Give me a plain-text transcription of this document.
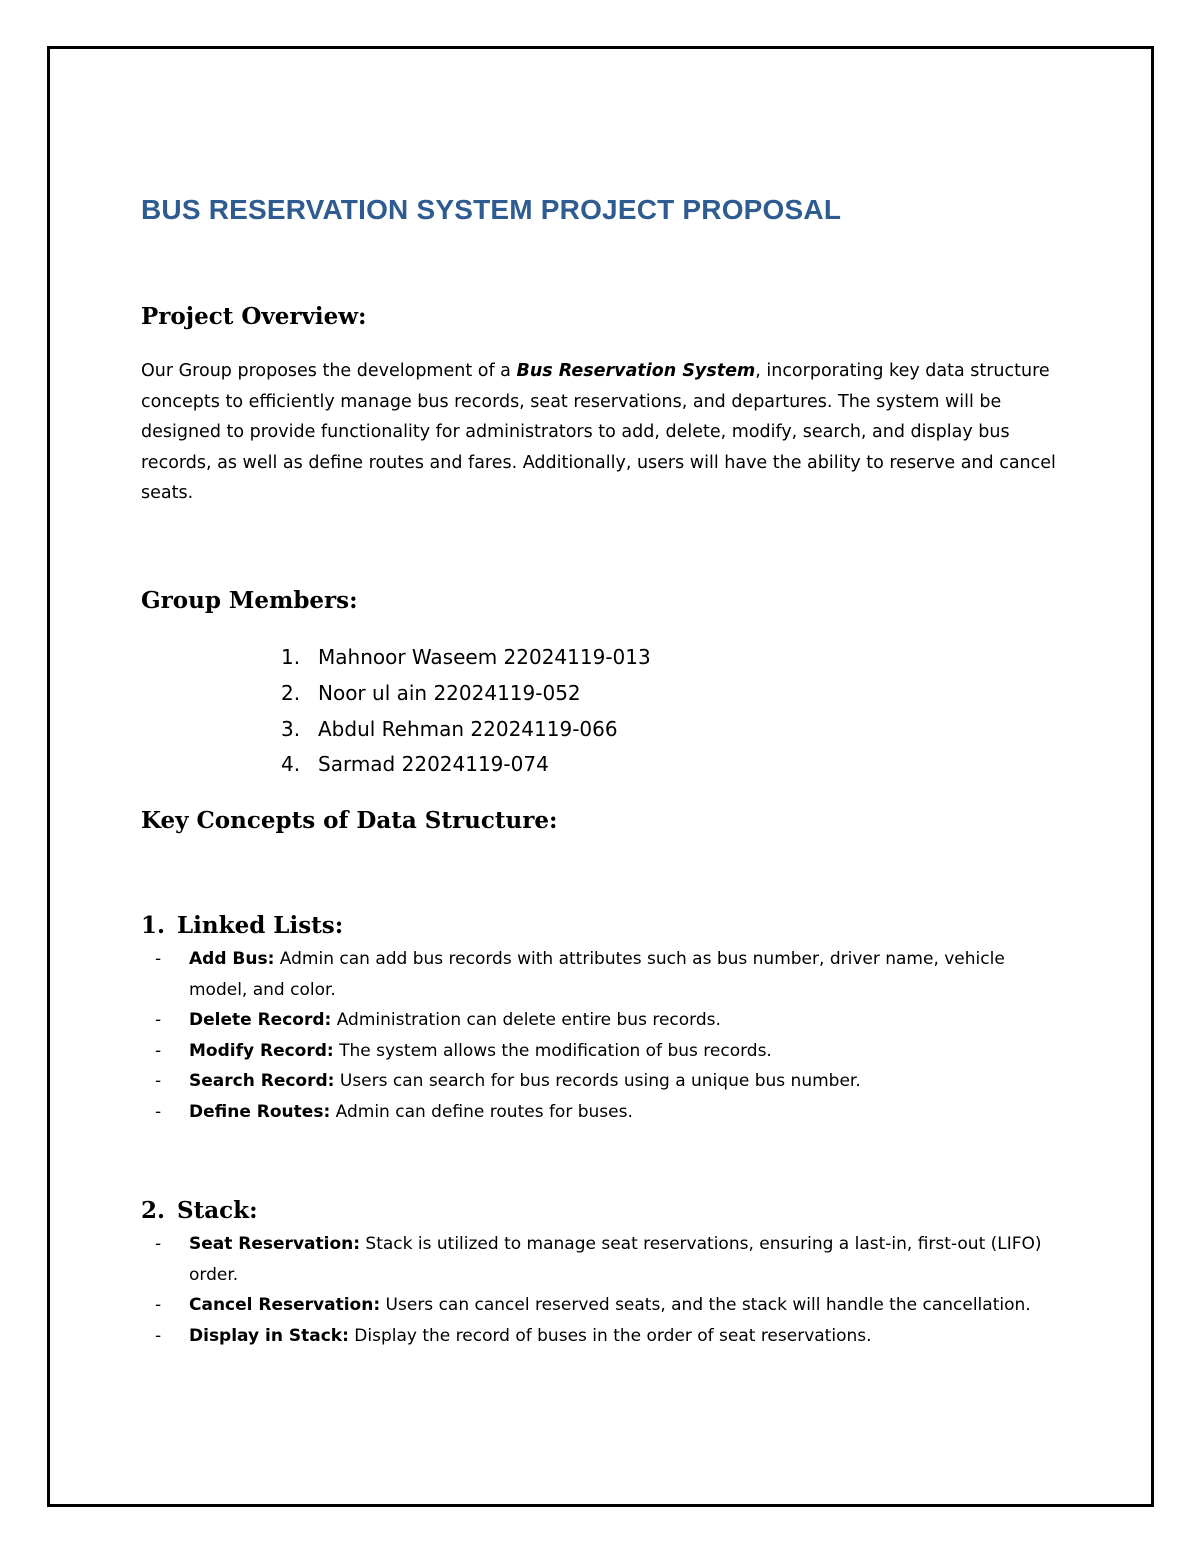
BUS RESERVATION SYSTEM PROJECT PROPOSAL
Project Overview:

Our Group proposes the development of a Bus Reservation System, incorporating key data structure concepts to efficiently manage bus records, seat reservations, and departures. The system will be designed to provide functionality for administrators to add, delete, modify, search, and display bus records, as well as define routes and fares. Additionally, users will have the ability to reserve and cancel seats.

Group Members:
1. Mahnoor Waseem 22024119-013
2. Noor ul ain 22024119-052
3. Abdul Rehman 22024119-066
4. Sarmad 22024119-074
Key Concepts of Data Structure:
1. Linked Lists:
- Add Bus: Admin can add bus records with attributes such as bus number, driver name, vehicle model, and color.
- Delete Record: Administration can delete entire bus records.
- Modify Record: The system allows the modification of bus records.
- Search Record: Users can search for bus records using a unique bus number.
- Define Routes: Admin can define routes for buses.
2. Stack:
- Seat Reservation: Stack is utilized to manage seat reservations, ensuring a last-in, first-out (LIFO) order.
- Cancel Reservation: Users can cancel reserved seats, and the stack will handle the cancellation.
- Display in Stack: Display the record of buses in the order of seat reservations.
